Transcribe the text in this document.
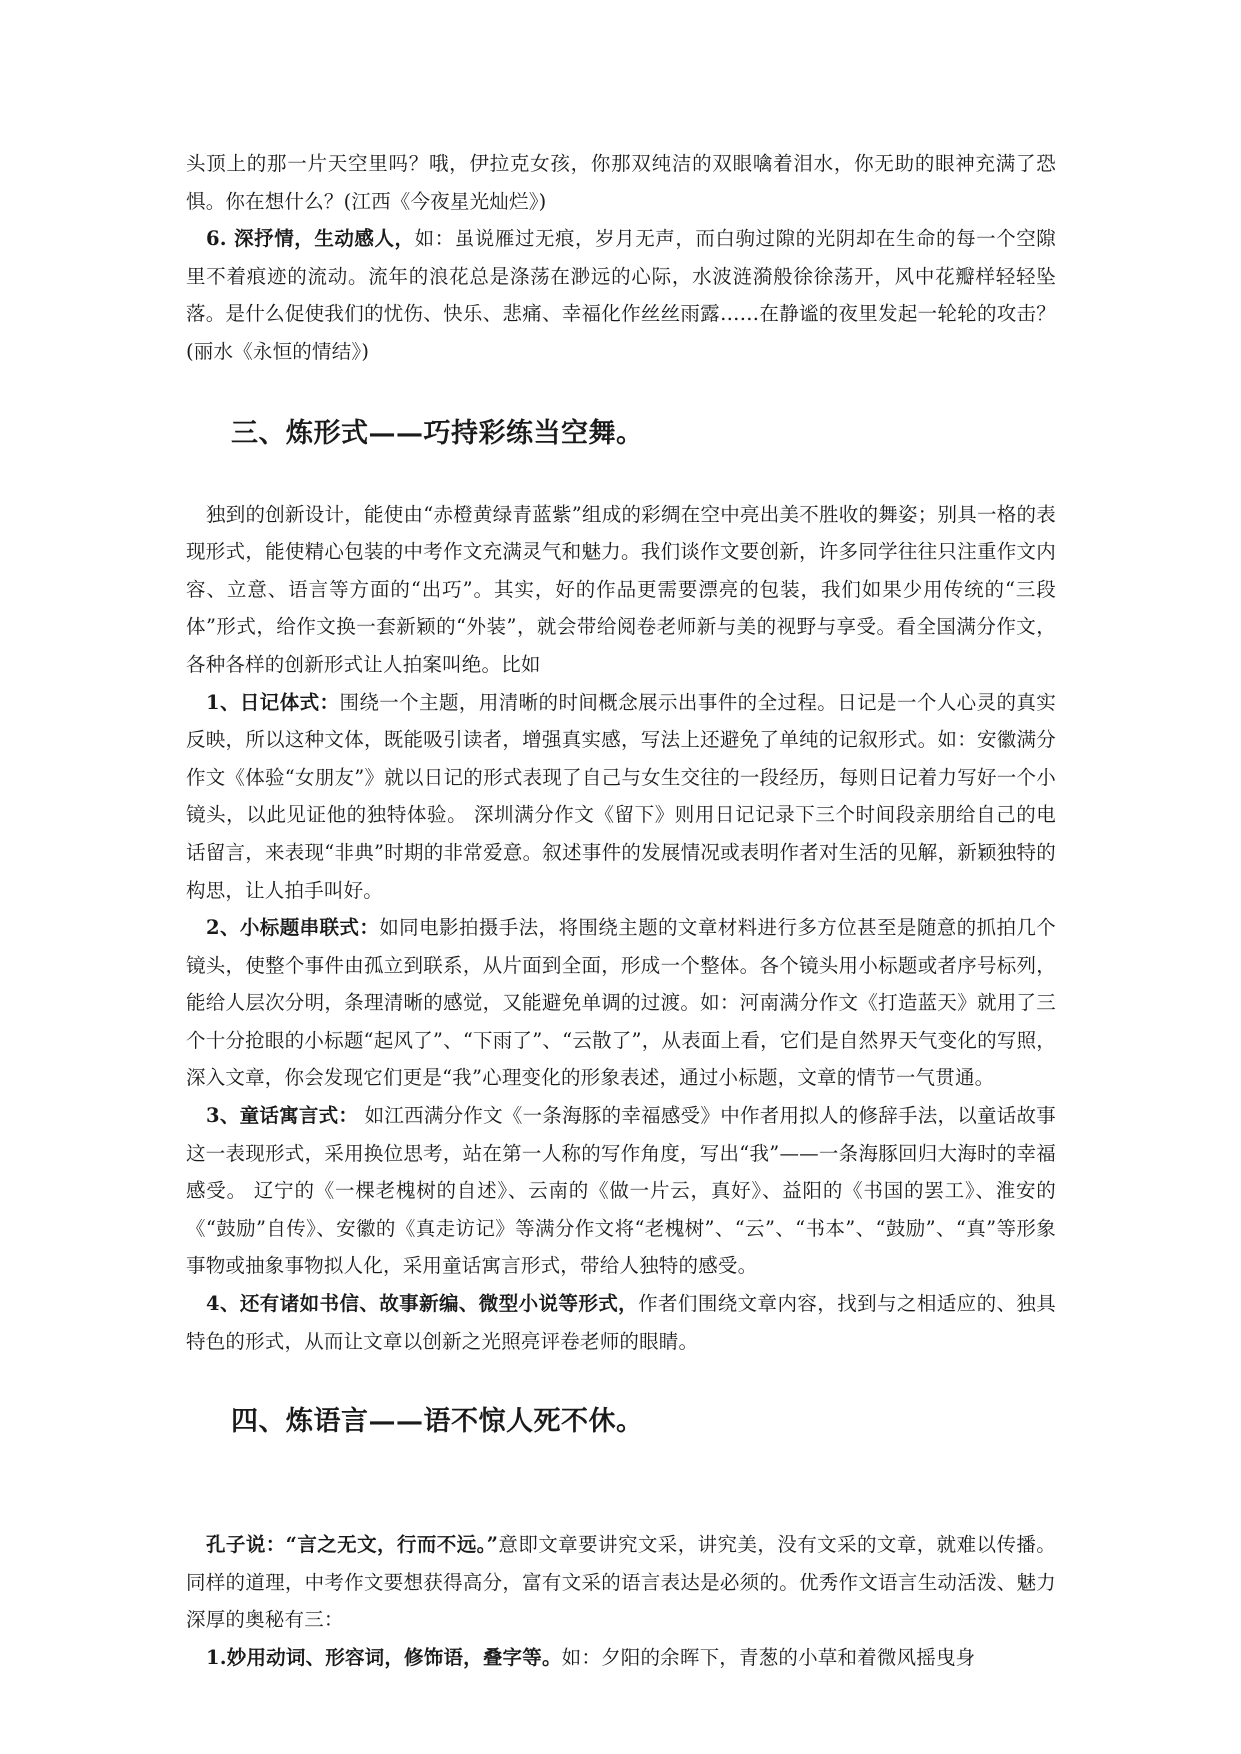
头顶上的那一片天空里吗？哦，伊拉克女孩，你那双纯洁的双眼噙着泪水，你无助的眼神充满了恐惧。你在想什么？(江西《今夜星光灿烂》)

6. 深抒情，生动感人，如：虽说雁过无痕，岁月无声，而白驹过隙的光阴却在生命的每一个空隙里不着痕迹的流动。流年的浪花总是涤荡在渺远的心际，水波涟漪般徐徐荡开，风中花瓣样轻轻坠落。是什么促使我们的忧伤、快乐、悲痛、幸福化作丝丝雨露……在静谧的夜里发起一轮轮的攻击？(丽水《永恒的情结》)

三、炼形式——巧持彩练当空舞。

独到的创新设计，能使由“赤橙黄绿青蓝紫”组成的彩绸在空中亮出美不胜收的舞姿；别具一格的表现形式，能使精心包装的中考作文充满灵气和魅力。我们谈作文要创新，许多同学往往只注重作文内容、立意、语言等方面的“出巧”。其实，好的作品更需要漂亮的包装，我们如果少用传统的“三段体”形式，给作文换一套新颖的“外装”，就会带给阅卷老师新与美的视野与享受。看全国满分作文，各种各样的创新形式让人拍案叫绝。比如

1、日记体式：围绕一个主题，用清晰的时间概念展示出事件的全过程。日记是一个人心灵的真实反映，所以这种文体，既能吸引读者，增强真实感，写法上还避免了单纯的记叙形式。如：安徽满分作文《体验“女朋友”》就以日记的形式表现了自己与女生交往的一段经历，每则日记着力写好一个小镜头，以此见证他的独特体验。 深圳满分作文《留下》则用日记记录下三个时间段亲朋给自己的电话留言，来表现“非典”时期的非常爱意。叙述事件的发展情况或表明作者对生活的见解，新颖独特的构思，让人拍手叫好。

2、小标题串联式：如同电影拍摄手法，将围绕主题的文章材料进行多方位甚至是随意的抓拍几个镜头，使整个事件由孤立到联系，从片面到全面，形成一个整体。各个镜头用小标题或者序号标列，能给人层次分明，条理清晰的感觉，又能避免单调的过渡。如：河南满分作文《打造蓝天》就用了三个十分抢眼的小标题“起风了”、“下雨了”、“云散了”，从表面上看，它们是自然界天气变化的写照，深入文章，你会发现它们更是“我”心理变化的形象表述，通过小标题，文章的情节一气贯通。

3、童话寓言式： 如江西满分作文《一条海豚的幸福感受》中作者用拟人的修辞手法，以童话故事这一表现形式，采用换位思考，站在第一人称的写作角度，写出“我”——一条海豚回归大海时的幸福感受。 辽宁的《一棵老槐树的自述》、云南的《做一片云，真好》、益阳的《书国的罢工》、淮安的《“鼓励”自传》、安徽的《真走访记》等满分作文将“老槐树”、“云”、“书本”、“鼓励”、“真”等形象事物或抽象事物拟人化，采用童话寓言形式，带给人独特的感受。

4、还有诸如书信、故事新编、微型小说等形式，作者们围绕文章内容，找到与之相适应的、独具特色的形式，从而让文章以创新之光照亮评卷老师的眼睛。

四、炼语言——语不惊人死不休。

孔子说：“言之无文，行而不远。”意即文章要讲究文采，讲究美，没有文采的文章，就难以传播。同样的道理，中考作文要想获得高分，富有文采的语言表达是必须的。优秀作文语言生动活泼、魅力深厚的奥秘有三：

1.妙用动词、形容词，修饰语，叠字等。如：夕阳的余晖下，青葱的小草和着微风摇曳身
